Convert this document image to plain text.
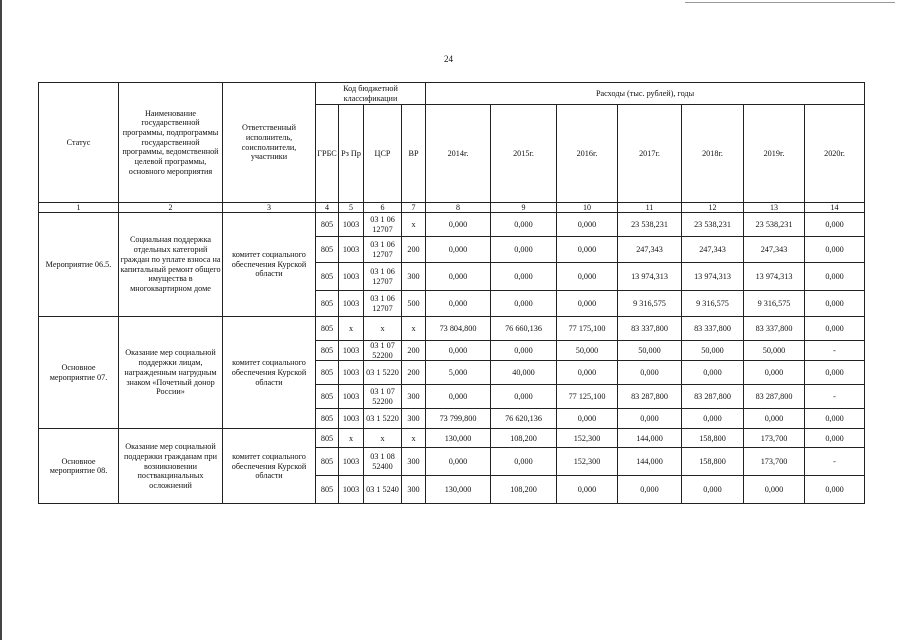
24
Статус	Наименование государственной программы, подпрограммы государственной программы, ведомственной целевой программы, основного мероприятия	Ответственный исполнитель, соисполнители, участники	Код бюджетной классификации				Расходы (тыс. рублей), годы						
			ГРБС	Рз Пр	ЦСР	ВР	2014г.	2015г.	2016г.	2017г.	2018г.	2019г.	2020г.
1	2	3	4	5	6	7	8	9	10	11	12	13	14
Мероприятие 06.5.	Социальная поддержка отдельных категорий граждан по уплате взноса на капитальный ремонт общего имущества в многоквартирном доме	комитет социального обеспечения Курской области	805	1003	03 1 06 12707	х	0,000	0,000	0,000	23 538,231	23 538,231	23 538,231	0,000
			805	1003	03 1 06 12707	200	0,000	0,000	0,000	247,343	247,343	247,343	0,000
			805	1003	03 1 06 12707	300	0,000	0,000	0,000	13 974,313	13 974,313	13 974,313	0,000
			805	1003	03 1 06 12707	500	0,000	0,000	0,000	9 316,575	9 316,575	9 316,575	0,000
Основное мероприятие 07.	Оказание мер социальной поддержки лицам, награжденным нагрудным знаком «Почетный донор России»	комитет социального обеспечения Курской области	805	х	х	х	73 804,800	76 660,136	77 175,100	83 337,800	83 337,800	83 337,800	0,000
			805	1003	03 1 07 52200	200	0,000	0,000	50,000	50,000	50,000	50,000	-
			805	1003	03 1 5220	200	5,000	40,000	0,000	0,000	0,000	0,000	0,000
			805	1003	03 1 07 52200	300	0,000	0,000	77 125,100	83 287,800	83 287,800	83 287,800	-
			805	1003	03 1 5220	300	73 799,800	76 620,136	0,000	0,000	0,000	0,000	0,000
Основное мероприятие 08.	Оказание мер социальной поддержки гражданам при возникновении поствакцинальных осложнений	комитет социального обеспечения Курской области	805	х	х	х	130,000	108,200	152,300	144,000	158,800	173,700	0,000
			805	1003	03 1 08 52400	300	0,000	0,000	152,300	144,000	158,800	173,700	-
			805	1003	03 1 5240	300	130,000	108,200	0,000	0,000	0,000	0,000	0,000
